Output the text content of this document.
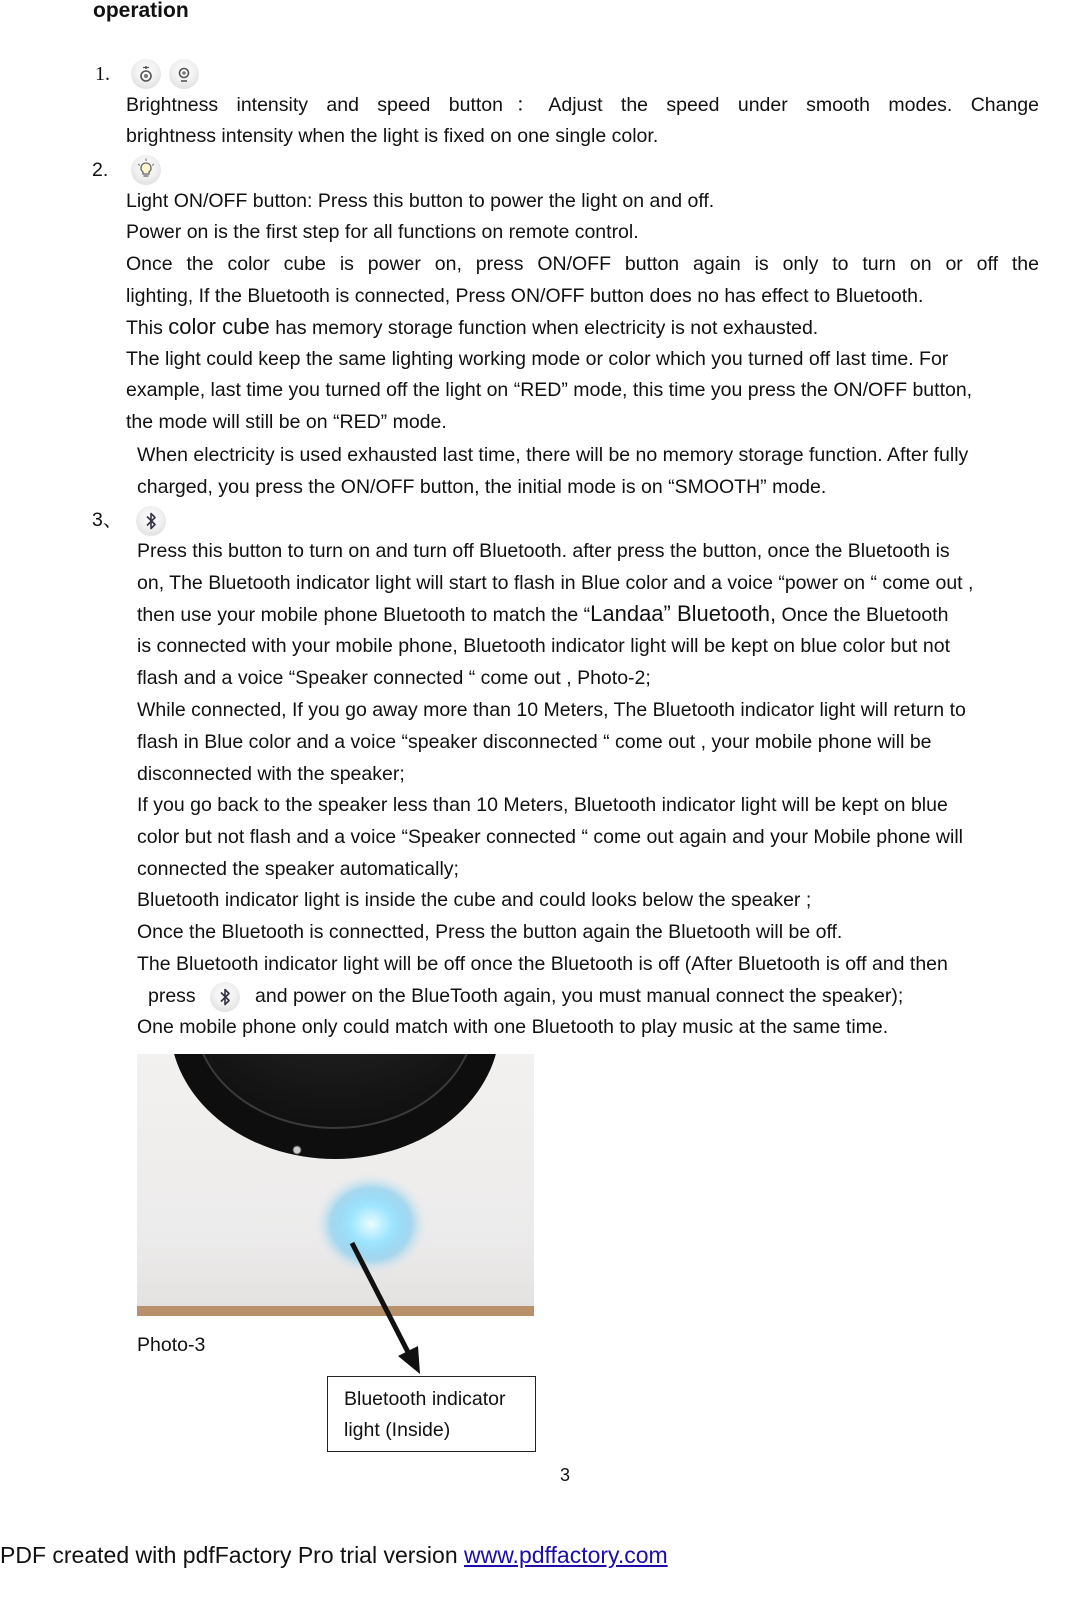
operation
1.
Brightness intensity and speed button：Adjust the speed under smooth modes. Change
brightness intensity when the light is fixed on one single color.
2.
Light ON/OFF button: Press this button to power the light on and off.
Power on is the first step for all functions on remote control.
Once the color cube is power on, press ON/OFF button again is only to turn on or off the
lighting, If the Bluetooth is connected, Press ON/OFF button does no has effect to Bluetooth.
This color cube has memory storage function when electricity is not exhausted.
The light could keep the same lighting working mode or color which you turned off last time. For
example, last time you turned off the light on “RED” mode, this time you press the ON/OFF button,
the mode will still be on “RED” mode.
When electricity is used exhausted last time, there will be no memory storage function. After fully
charged, you press the ON/OFF button, the initial mode is on “SMOOTH” mode.
3、
Press this button to turn on and turn off Bluetooth. after press the button, once the Bluetooth is
on, The Bluetooth indicator light will start to flash in Blue color and a voice “power on “ come out ,
then use your mobile phone Bluetooth to match the “Landaa” Bluetooth, Once the Bluetooth
is connected with your mobile phone, Bluetooth indicator light will be kept on blue color but not
flash and a voice “Speaker connected “ come out , Photo-2;
While connected, If you go away more than 10 Meters, The Bluetooth indicator light will return to
flash in Blue color and a voice “speaker disconnected “ come out , your mobile phone will be
disconnected with the speaker;
If you go back to the speaker less than 10 Meters, Bluetooth indicator light will be kept on blue
color but not flash and a voice “Speaker connected “ come out again and your Mobile phone will
connected the speaker automatically;
Bluetooth indicator light is inside the cube and could looks below the speaker ;
Once the Bluetooth is connectted, Press the button again the Bluetooth will be off.
The Bluetooth indicator light will be off once the Bluetooth is off (After Bluetooth is off and then
press	and power on the BlueTooth again, you must manual connect the speaker);
One mobile phone only could match with one Bluetooth to play music at the same time.
Photo-3
Bluetooth indicator
light (Inside)
3
PDF created with pdfFactory Pro trial version www.pdffactory.com
